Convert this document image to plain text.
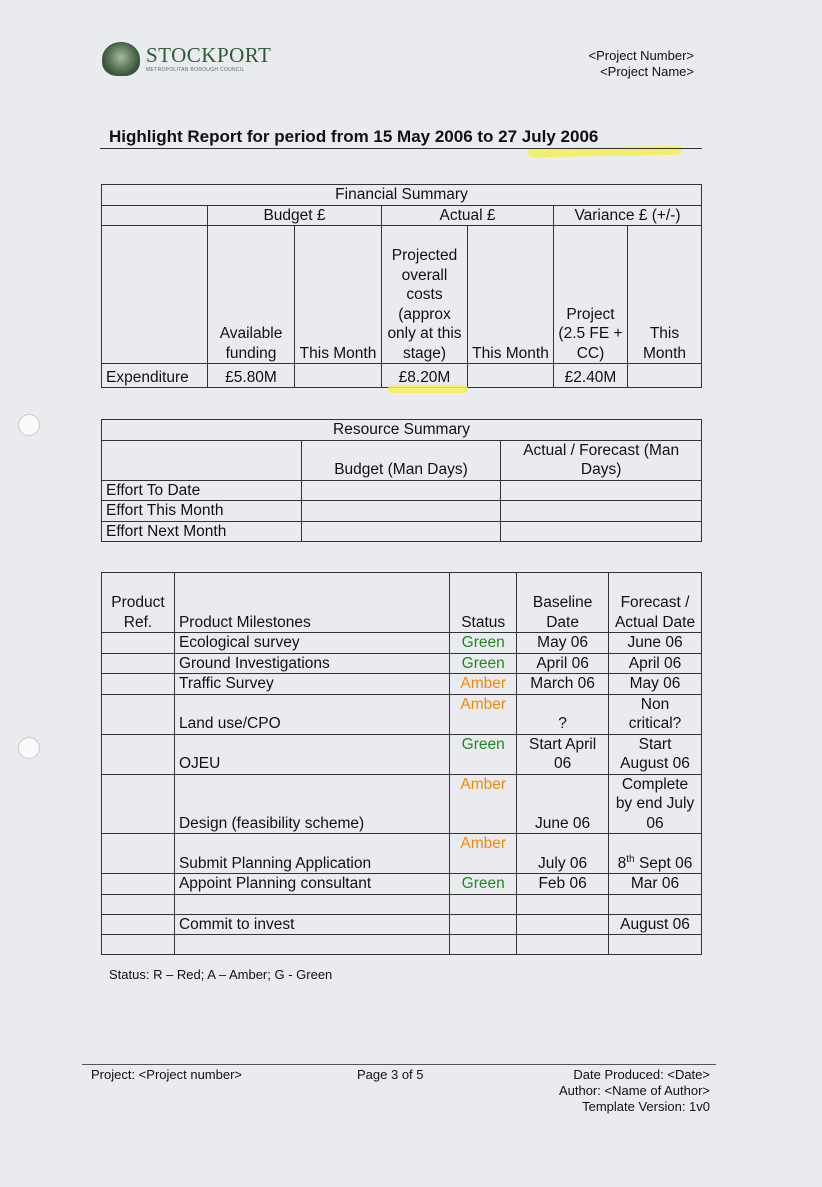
STOCKPORT
METROPOLITAN BOROUGH COUNCIL
<Project Number>
<Project Name>
Highlight Report for period from 15 May 2006 to 27 July 2006
Financial Summary						
	Budget £		Actual £		Variance £ (+/-)	
	Available funding	This Month	Projected overall costs (approx only at this stage)	This Month	Project (2.5 FE + CC)	This Month
Expenditure	£5.80M		£8.20M		£2.40M	
Resource Summary		
	Budget (Man Days)	Actual / Forecast (Man Days)
Effort To Date		
Effort This Month		
Effort Next Month		
Product Ref.	Product Milestones	Status	Baseline Date	Forecast / Actual Date
	Ecological survey	Green	May 06	June 06
	Ground Investigations	Green	April 06	April 06
	Traffic Survey	Amber	March 06	May 06
	Land use/CPO	Amber	?	Non critical?
	OJEU	Green	Start April 06	Start August 06
	Design (feasibility scheme)	Amber	June 06	Complete by end July 06
	Submit Planning Application	Amber	July 06	8th Sept 06
	Appoint Planning consultant	Green	Feb 06	Mar 06

	Commit to invest			August 06

Status: R – Red; A – Amber; G - Green
Project: <Project number>	Page 3 of 5	Date Produced: <Date>
Author: <Name of Author>
Template Version: 1v0
